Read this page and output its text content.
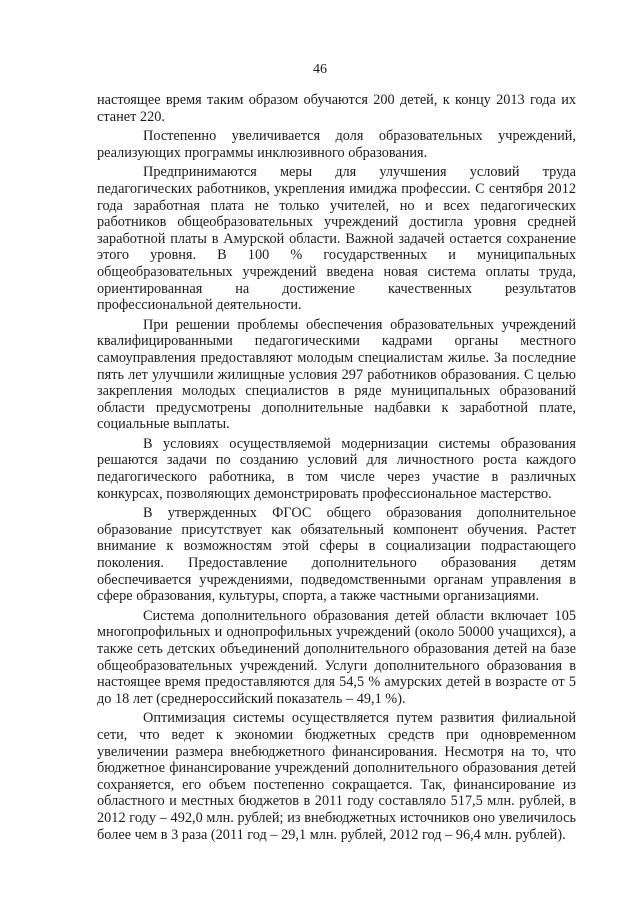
46

настоящее время таким образом обучаются 200 детей, к концу 2013 года их станет 220.

Постепенно увеличивается доля образовательных учреждений, реализующих программы инклюзивного образования.

Предпринимаются меры для улучшения условий труда педагогических работников, укрепления имиджа профессии. С сентября 2012 года заработная плата не только учителей, но и всех педагогических работников общеобразовательных учреждений достигла уровня средней заработной платы в Амурской области. Важной задачей остается сохранение этого уровня. В 100 % государственных и муниципальных общеобразовательных учреждений введена новая система оплаты труда, ориентированная на достижение качественных результатов профессиональной деятельности.

При решении проблемы обеспечения образовательных учреждений квалифицированными педагогическими кадрами органы местного самоуправления предоставляют молодым специалистам жилье. За последние пять лет улучшили жилищные условия 297 работников образования. С целью закрепления молодых специалистов в ряде муниципальных образований области предусмотрены дополнительные надбавки к заработной плате, социальные выплаты.

В условиях осуществляемой модернизации системы образования решаются задачи по созданию условий для личностного роста каждого педагогического работника, в том числе через участие в различных конкурсах, позволяющих демонстрировать профессиональное мастерство.

В утвержденных ФГОС общего образования дополнительное образование присутствует как обязательный компонент обучения. Растет внимание к возможностям этой сферы в социализации подрастающего поколения. Предоставление дополнительного образования детям обеспечивается учреждениями, подведомственными органам управления в сфере образования, культуры, спорта, а также частными организациями.

Система дополнительного образования детей области включает 105 многопрофильных и однопрофильных учреждений (около 50000 учащихся), а также сеть детских объединений дополнительного образования детей на базе общеобразовательных учреждений. Услуги дополнительного образования в настоящее время предоставляются для 54,5 % амурских детей в возрасте от 5 до 18 лет (среднероссийский показатель – 49,1 %).

Оптимизация системы осуществляется путем развития филиальной сети, что ведет к экономии бюджетных средств при одновременном увеличении размера внебюджетного финансирования. Несмотря на то, что бюджетное финансирование учреждений дополнительного образования детей сохраняется, его объем постепенно сокращается. Так, финансирование из областного и местных бюджетов в 2011 году составляло 517,5 млн. рублей, в 2012 году – 492,0 млн. рублей; из внебюджетных источников оно увеличилось более чем в 3 раза (2011 год – 29,1 млн. рублей, 2012 год – 96,4 млн. рублей).
